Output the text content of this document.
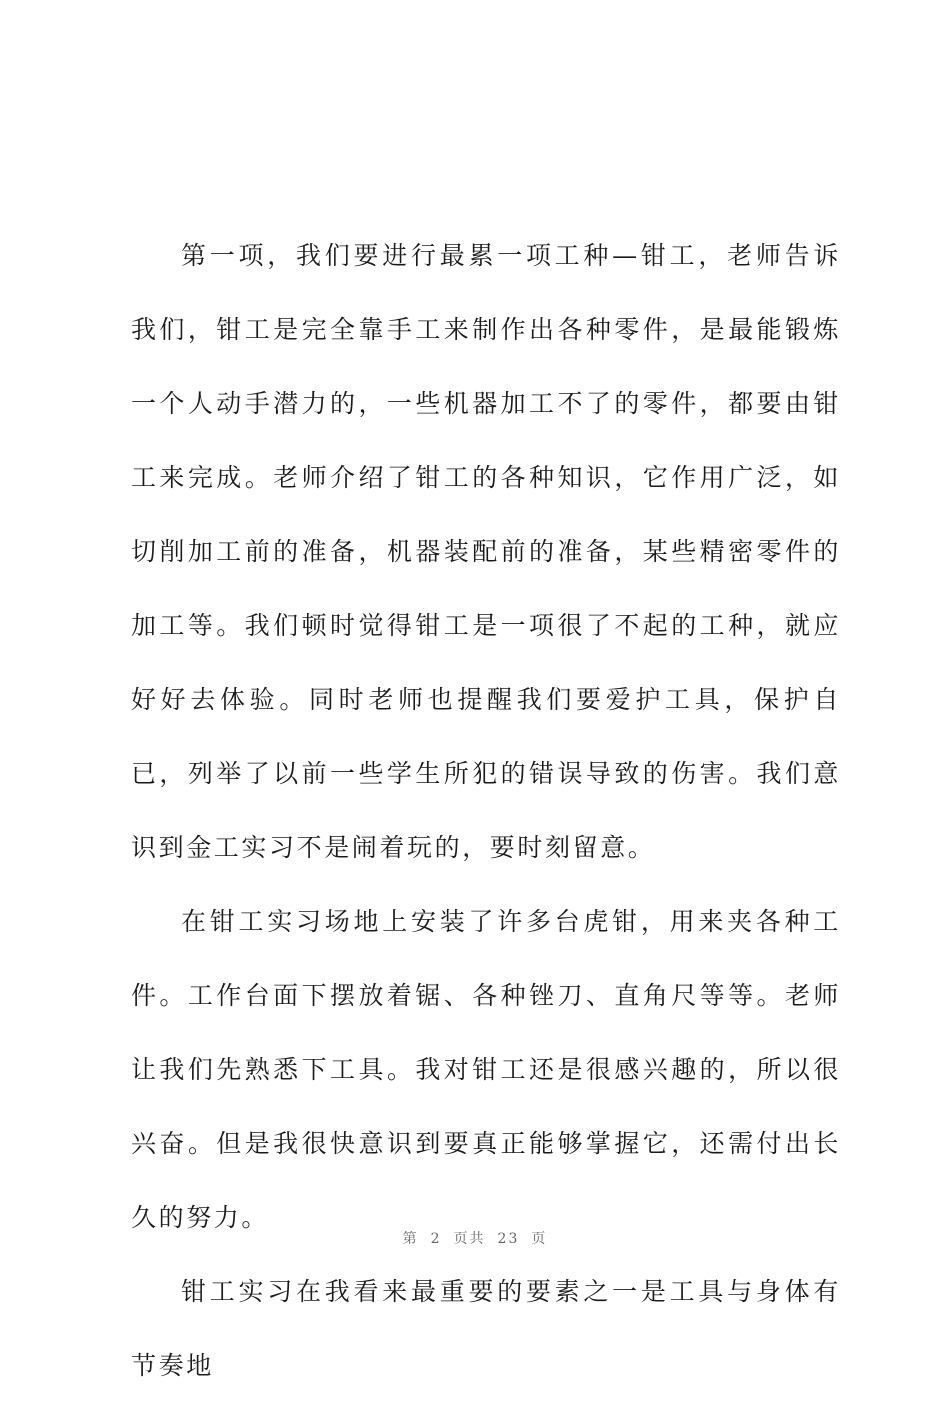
第一项，我们要进行最累一项工种—钳工，老师告诉我们，钳工是完全靠手工来制作出各种零件，是最能锻炼一个人动手潜力的，一些机器加工不了的零件，都要由钳工来完成。老师介绍了钳工的各种知识，它作用广泛，如切削加工前的准备，机器装配前的准备，某些精密零件的加工等。我们顿时觉得钳工是一项很了不起的工种，就应好好去体验。同时老师也提醒我们要爱护工具，保护自已，列举了以前一些学生所犯的错误导致的伤害。我们意识到金工实习不是闹着玩的，要时刻留意。

在钳工实习场地上安装了许多台虎钳，用来夹各种工件。工作台面下摆放着锯、各种锉刀、直角尺等等。老师让我们先熟悉下工具。我对钳工还是很感兴趣的，所以很兴奋。但是我很快意识到要真正能够掌握它，还需付出长久的努力。

钳工实习在我看来最重要的要素之一是工具与身体有节奏地

第 2 页共 23 页
